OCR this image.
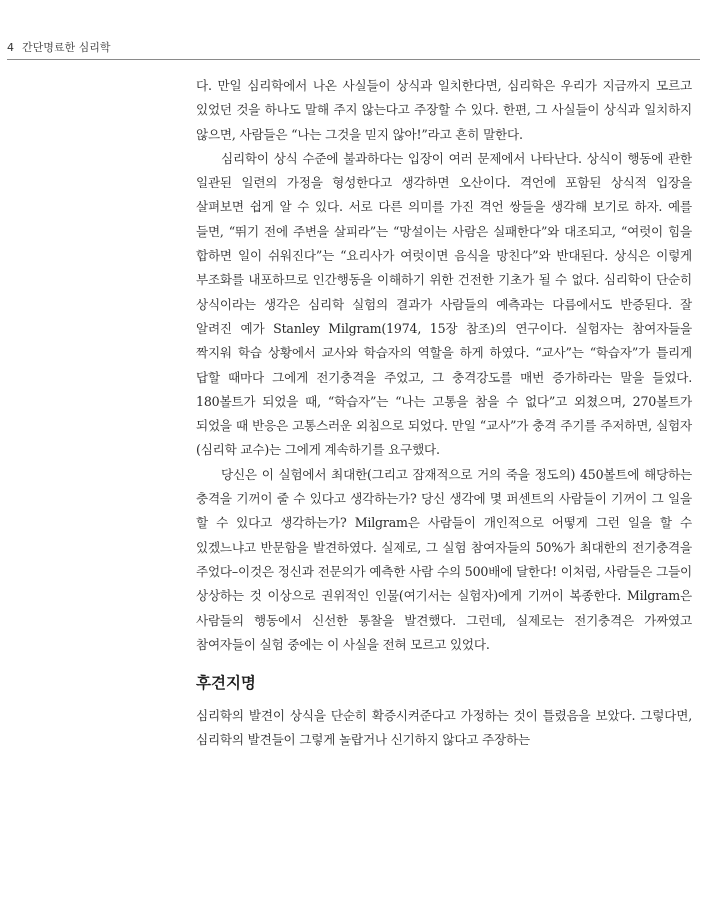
4 간단명료한 심리학

다. 만일 심리학에서 나온 사실들이 상식과 일치한다면, 심리학은 우리가 지금까지 모르고 있었던 것을 하나도 말해 주지 않는다고 주장할 수 있다. 한편, 그 사실들이 상식과 일치하지 않으면, 사람들은 “나는 그것을 믿지 않아!”라고 흔히 말한다.

심리학이 상식 수준에 불과하다는 입장이 여러 문제에서 나타난다. 상식이 행동에 관한 일관된 일련의 가정을 형성한다고 생각하면 오산이다. 격언에 포함된 상식적 입장을 살펴보면 쉽게 알 수 있다. 서로 다른 의미를 가진 격언 쌍들을 생각해 보기로 하자. 예를 들면, “뛰기 전에 주변을 살피라”는 “망설이는 사람은 실패한다”와 대조되고, “여럿이 힘을 합하면 일이 쉬워진다”는 “요리사가 여럿이면 음식을 망친다”와 반대된다. 상식은 이렇게 부조화를 내포하므로 인간행동을 이해하기 위한 건전한 기초가 될 수 없다. 심리학이 단순히 상식이라는 생각은 심리학 실험의 결과가 사람들의 예측과는 다름에서도 반증된다. 잘 알려진 예가 Stanley Milgram(1974, 15장 참조)의 연구이다. 실험자는 참여자들을 짝지워 학습 상황에서 교사와 학습자의 역할을 하게 하였다. “교사”는 “학습자”가 틀리게 답할 때마다 그에게 전기충격을 주었고, 그 충격강도를 매번 증가하라는 말을 들었다. 180볼트가 되었을 때, “학습자”는 “나는 고통을 참을 수 없다”고 외쳤으며, 270볼트가 되었을 때 반응은 고통스러운 외침으로 되었다. 만일 “교사”가 충격 주기를 주저하면, 실험자(심리학 교수)는 그에게 계속하기를 요구했다.

당신은 이 실험에서 최대한(그리고 잠재적으로 거의 죽을 정도의) 450볼트에 해당하는 충격을 기꺼이 줄 수 있다고 생각하는가? 당신 생각에 몇 퍼센트의 사람들이 기꺼이 그 일을 할 수 있다고 생각하는가? Milgram은 사람들이 개인적으로 어떻게 그런 일을 할 수 있겠느냐고 반문함을 발견하였다. 실제로, 그 실험 참여자들의 50%가 최대한의 전기충격을 주었다–이것은 정신과 전문의가 예측한 사람 수의 500배에 달한다! 이처럼, 사람들은 그들이 상상하는 것 이상으로 권위적인 인물(여기서는 실험자)에게 기꺼이 복종한다. Milgram은 사람들의 행동에서 신선한 통찰을 발견했다. 그런데, 실제로는 전기충격은 가짜였고 참여자들이 실험 중에는 이 사실을 전혀 모르고 있었다.

후견지명

심리학의 발견이 상식을 단순히 확증시켜준다고 가정하는 것이 틀렸음을 보았다. 그렇다면, 심리학의 발견들이 그렇게 놀랍거나 신기하지 않다고 주장하는
